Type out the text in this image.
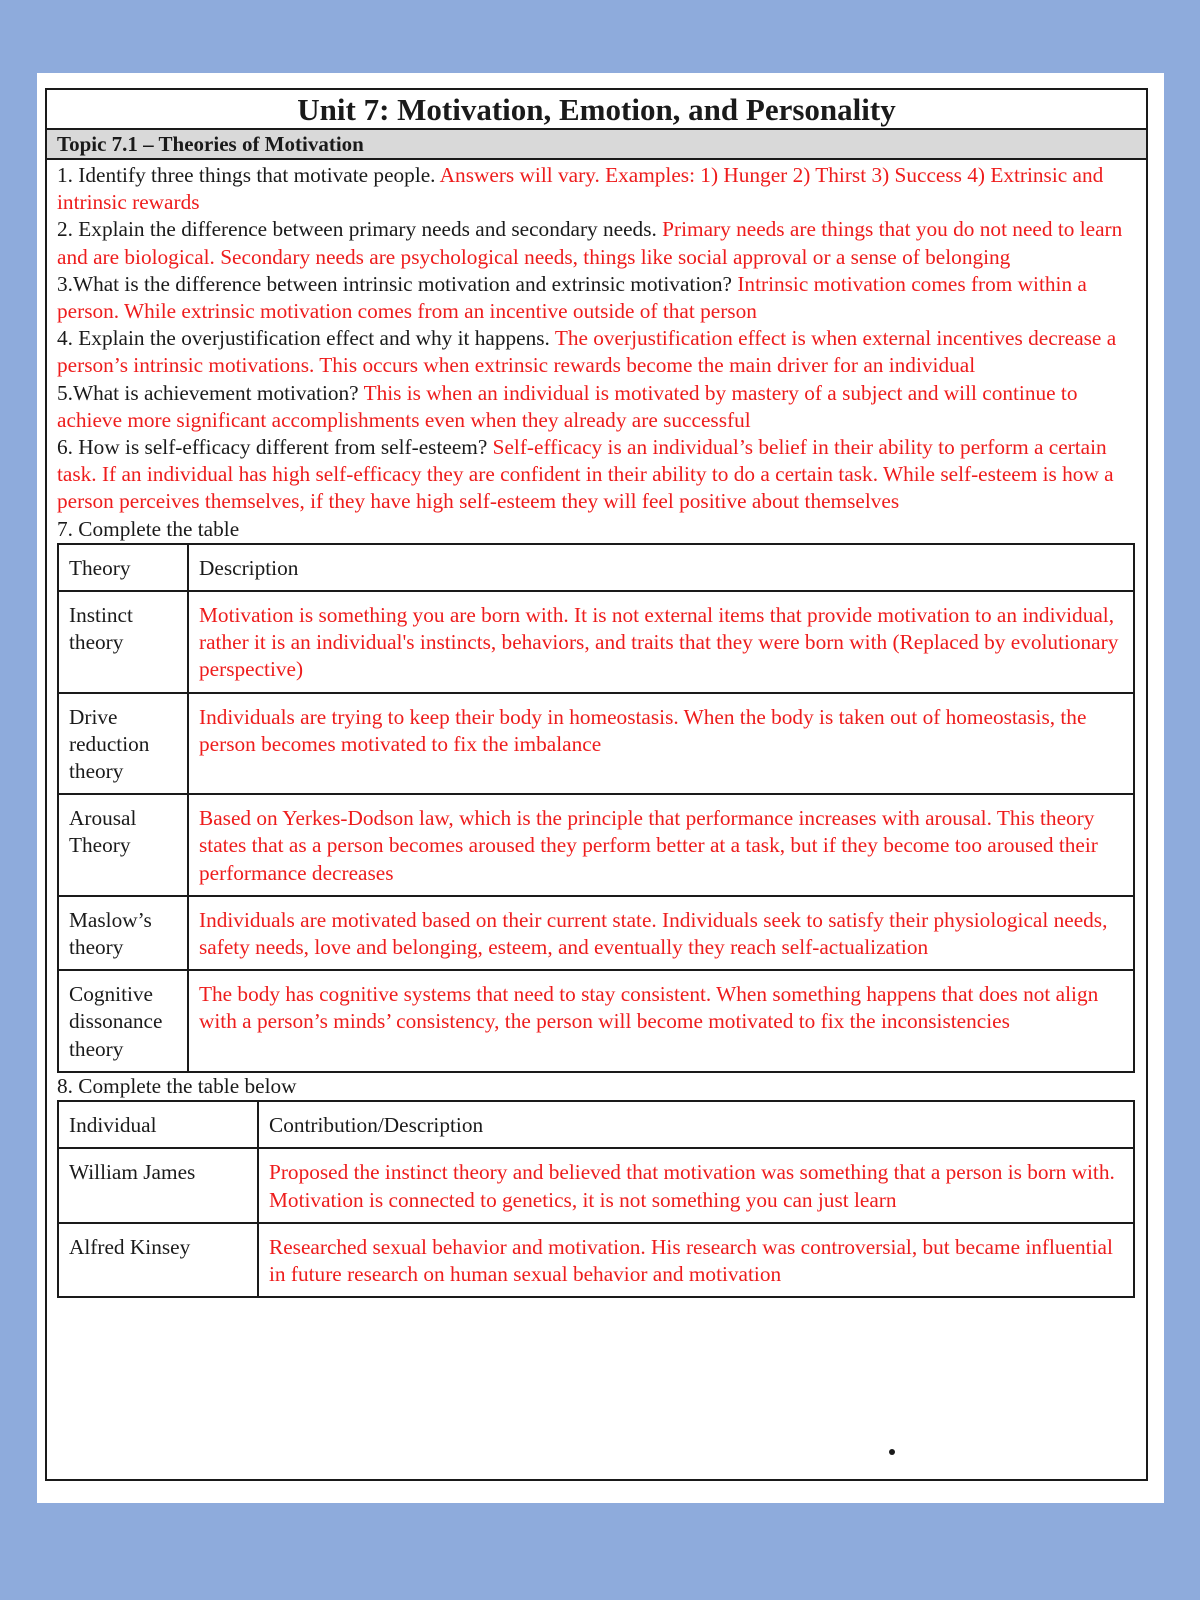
Unit 7: Motivation, Emotion, and Personality
Topic 7.1 – Theories of Motivation

1. Identify three things that motivate people. Answers will vary. Examples: 1) Hunger 2) Thirst 3) Success 4) Extrinsic and intrinsic rewards

2. Explain the difference between primary needs and secondary needs. Primary needs are things that you do not need to learn and are biological. Secondary needs are psychological needs, things like social approval or a sense of belonging

3.What is the difference between intrinsic motivation and extrinsic motivation? Intrinsic motivation comes from within a person. While extrinsic motivation comes from an incentive outside of that person

4. Explain the overjustification effect and why it happens. The overjustification effect is when external incentives decrease a person’s intrinsic motivations. This occurs when extrinsic rewards become the main driver for an individual

5.What is achievement motivation? This is when an individual is motivated by mastery of a subject and will continue to achieve more significant accomplishments even when they already are successful

6. How is self-efficacy different from self-esteem? Self-efficacy is an individual’s belief in their ability to perform a certain task. If an individual has high self-efficacy they are confident in their ability to do a certain task. While self-esteem is how a person perceives themselves, if they have high self-esteem they will feel positive about themselves

7. Complete the table

Theory	Description
Instinct theory	Motivation is something you are born with. It is not external items that provide motivation to an individual, rather it is an individual's instincts, behaviors, and traits that they were born with (Replaced by evolutionary perspective)
Drive reduction theory	Individuals are trying to keep their body in homeostasis. When the body is taken out of homeostasis, the person becomes motivated to fix the imbalance
Arousal Theory	Based on Yerkes-Dodson law, which is the principle that performance increases with arousal. This theory states that as a person becomes aroused they perform better at a task, but if they become too aroused their performance decreases
Maslow’s theory	Individuals are motivated based on their current state. Individuals seek to satisfy their physiological needs, safety needs, love and belonging, esteem, and eventually they reach self-actualization
Cognitive dissonance theory	The body has cognitive systems that need to stay consistent. When something happens that does not align with a person’s minds’ consistency, the person will become motivated to fix the inconsistencies

8. Complete the table below

Individual	Contribution/Description
William James	Proposed the instinct theory and believed that motivation was something that a person is born with. Motivation is connected to genetics, it is not something you can just learn
Alfred Kinsey	Researched sexual behavior and motivation. His research was controversial, but became influential in future research on human sexual behavior and motivation
